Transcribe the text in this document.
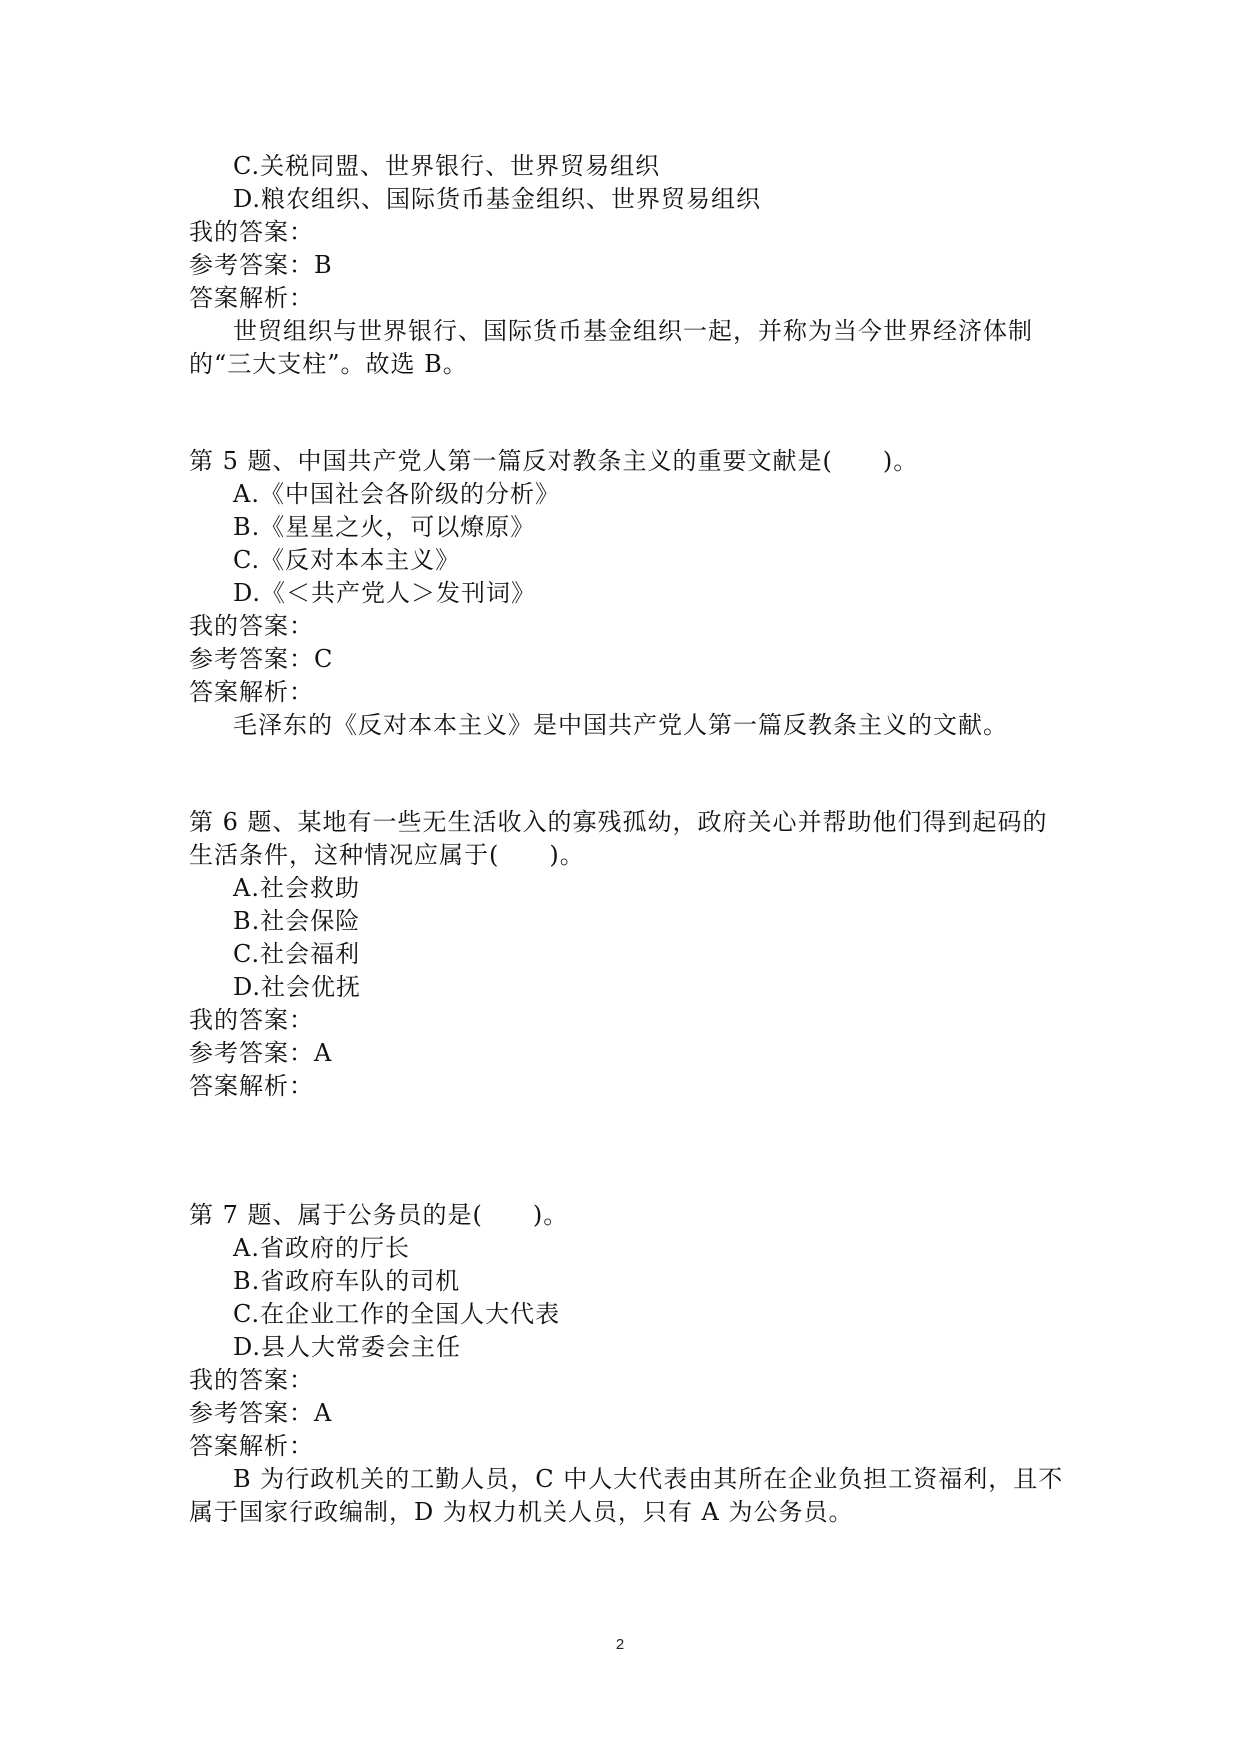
C.关税同盟、世界银行、世界贸易组织
D.粮农组织、国际货币基金组织、世界贸易组织
我的答案：
参考答案：B
答案解析：
世贸组织与世界银行、国际货币基金组织一起，并称为当今世界经济体制
的“三大支柱”。故选 B。
第 5 题、中国共产党人第一篇反对教条主义的重要文献是(　　)。
A.《中国社会各阶级的分析》
B.《星星之火，可以燎原》
C.《反对本本主义》
D.《＜共产党人＞发刊词》
我的答案：
参考答案：C
答案解析：
毛泽东的《反对本本主义》是中国共产党人第一篇反教条主义的文献。
第 6 题、某地有一些无生活收入的寡残孤幼，政府关心并帮助他们得到起码的
生活条件，这种情况应属于(　　)。
A.社会救助
B.社会保险
C.社会福利
D.社会优抚
我的答案：
参考答案：A
答案解析：
第 7 题、属于公务员的是(　　)。
A.省政府的厅长
B.省政府车队的司机
C.在企业工作的全国人大代表
D.县人大常委会主任
我的答案：
参考答案：A
答案解析：
B 为行政机关的工勤人员，C 中人大代表由其所在企业负担工资福利，且不
属于国家行政编制，D 为权力机关人员，只有 A 为公务员。
2
